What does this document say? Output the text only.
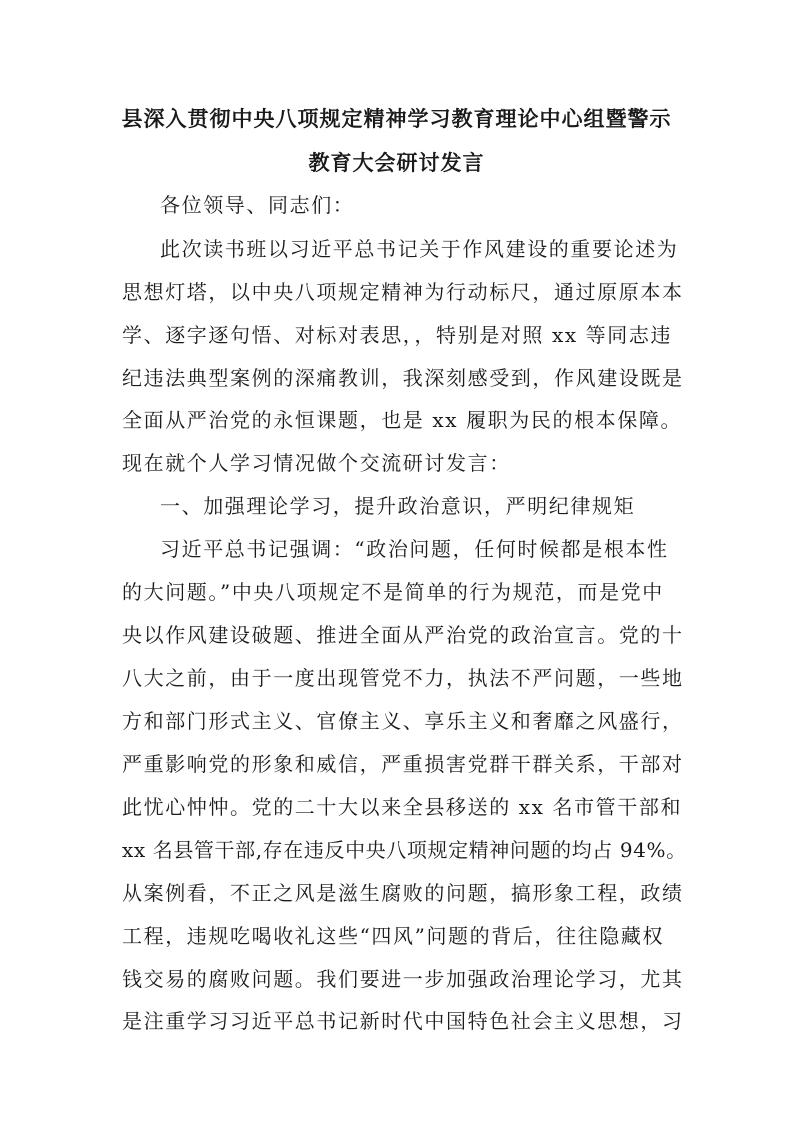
县深入贯彻中央八项规定精神学习教育理论中心组暨警示
教育大会研讨发言

各位领导、同志们：

此次读书班以习近平总书记关于作风建设的重要论述为

思想灯塔，以中央八项规定精神为行动标尺，通过原原本本

学、逐字逐句悟、对标对表思，，特别是对照 xx 等同志违

纪违法典型案例的深痛教训，我深刻感受到，作风建设既是

全面从严治党的永恒课题，也是 xx 履职为民的根本保障。

现在就个人学习情况做个交流研讨发言：

一、加强理论学习，提升政治意识，严明纪律规矩

习近平总书记强调：“政治问题，任何时候都是根本性

的大问题。”中央八项规定不是简单的行为规范，而是党中

央以作风建设破题、推进全面从严治党的政治宣言。党的十

八大之前，由于一度出现管党不力，执法不严问题，一些地

方和部门形式主义、官僚主义、享乐主义和奢靡之风盛行，

严重影响党的形象和威信，严重损害党群干群关系，干部对

此忧心忡忡。党的二十大以来全县移送的 xx 名市管干部和

xx 名县管干部,存在违反中央八项规定精神问题的均占 94%。

从案例看，不正之风是滋生腐败的问题，搞形象工程，政绩

工程，违规吃喝收礼这些“四风”问题的背后，往往隐藏权

钱交易的腐败问题。我们要进一步加强政治理论学习，尤其

是注重学习习近平总书记新时代中国特色社会主义思想，习
